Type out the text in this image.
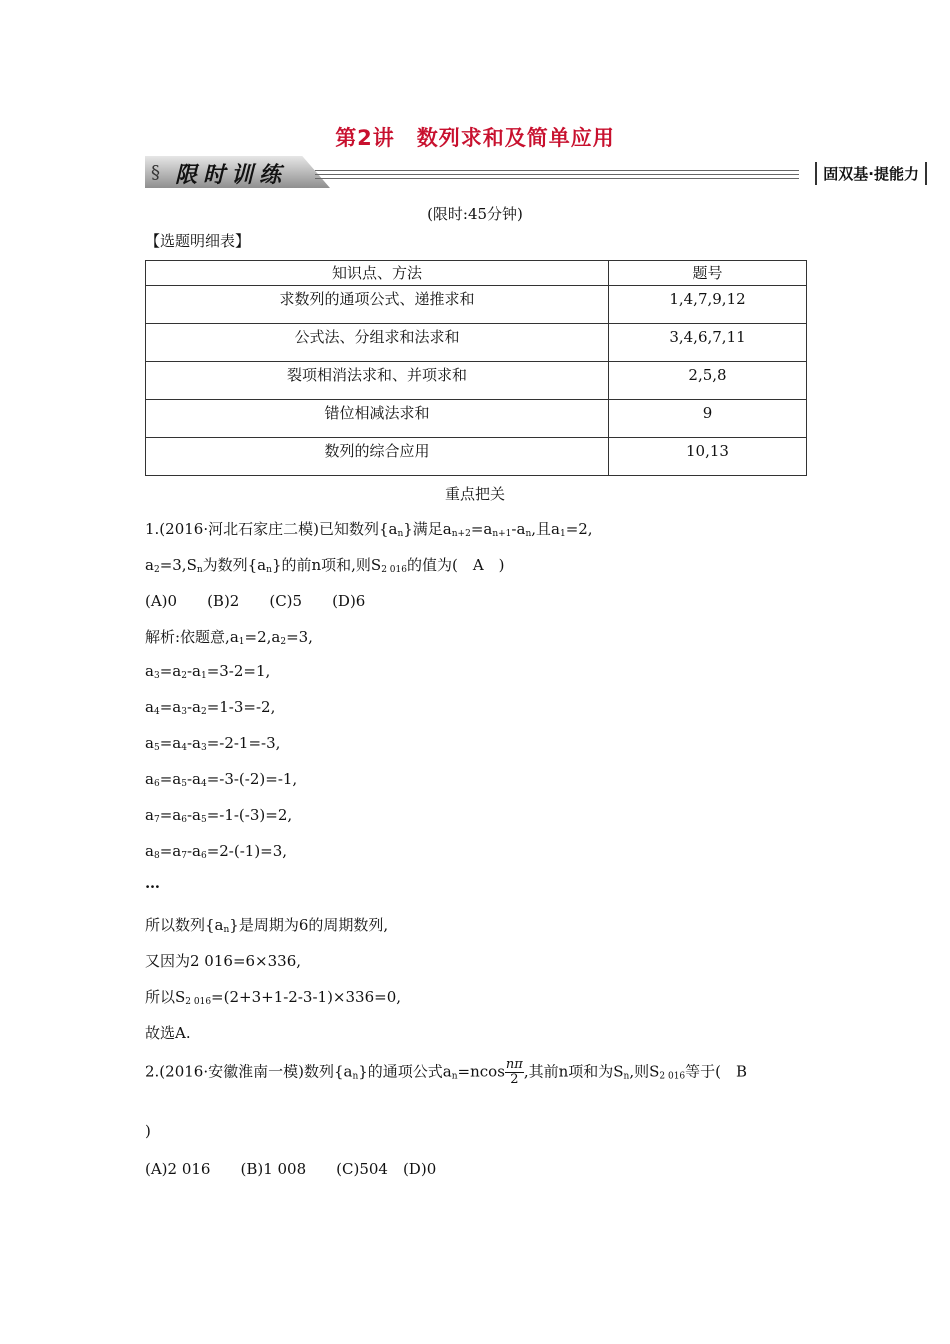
第2讲　数列求和及简单应用
§ 限时训练	固双基·提能力
(限时:45分钟)
【选题明细表】
知识点、方法	题号
求数列的通项公式、递推求和	1,4,7,9,12
公式法、分组求和法求和	3,4,6,7,11
裂项相消法求和、并项求和	2,5,8
错位相减法求和	9
数列的综合应用	10,13
重点把关
1.(2016·河北石家庄二模)已知数列$\{a_n\}$满足$a_{n+2}=a_{n+1}-a_n$,且$a_1=2$,
$a_2=3,S_n$为数列$\{a_n\}$的前n项和,则$S_{2 016}$的值为(　A　)
(A)0　　(B)2　　(C)5　　(D)6
解析:依题意$,a_1=2,a_2=3$,
$a_3=a_2-a_1=3-2=1$,
$a_4=a_3-a_2=1-3=-2$,
$a_5=a_4-a_3=-2-1=-3$,
$a_6=a_5-a_4=-3-(-2)=-1$,
$a_7=a_6-a_5=-1-(-3)=2$,
$a_8=a_7-a_6=2-(-1)=3$,
…
所以数列$\{a_n\}$是周期为6的周期数列,
又因为2 016=6×336,
所以$S_{2 016}=(2+3+1-2-3-1)\times 336=0$,
故选A.
2.(2016·安徽淮南一模)数列$\{a_n\}$的通项公式$a_n=ncos \frac{n\pi}{2}$ ,其前n项和为$S_n$,则$S_{2 016}$等于(　B
)
(A)2 016　　(B)1 008　　(C)504　(D)0
